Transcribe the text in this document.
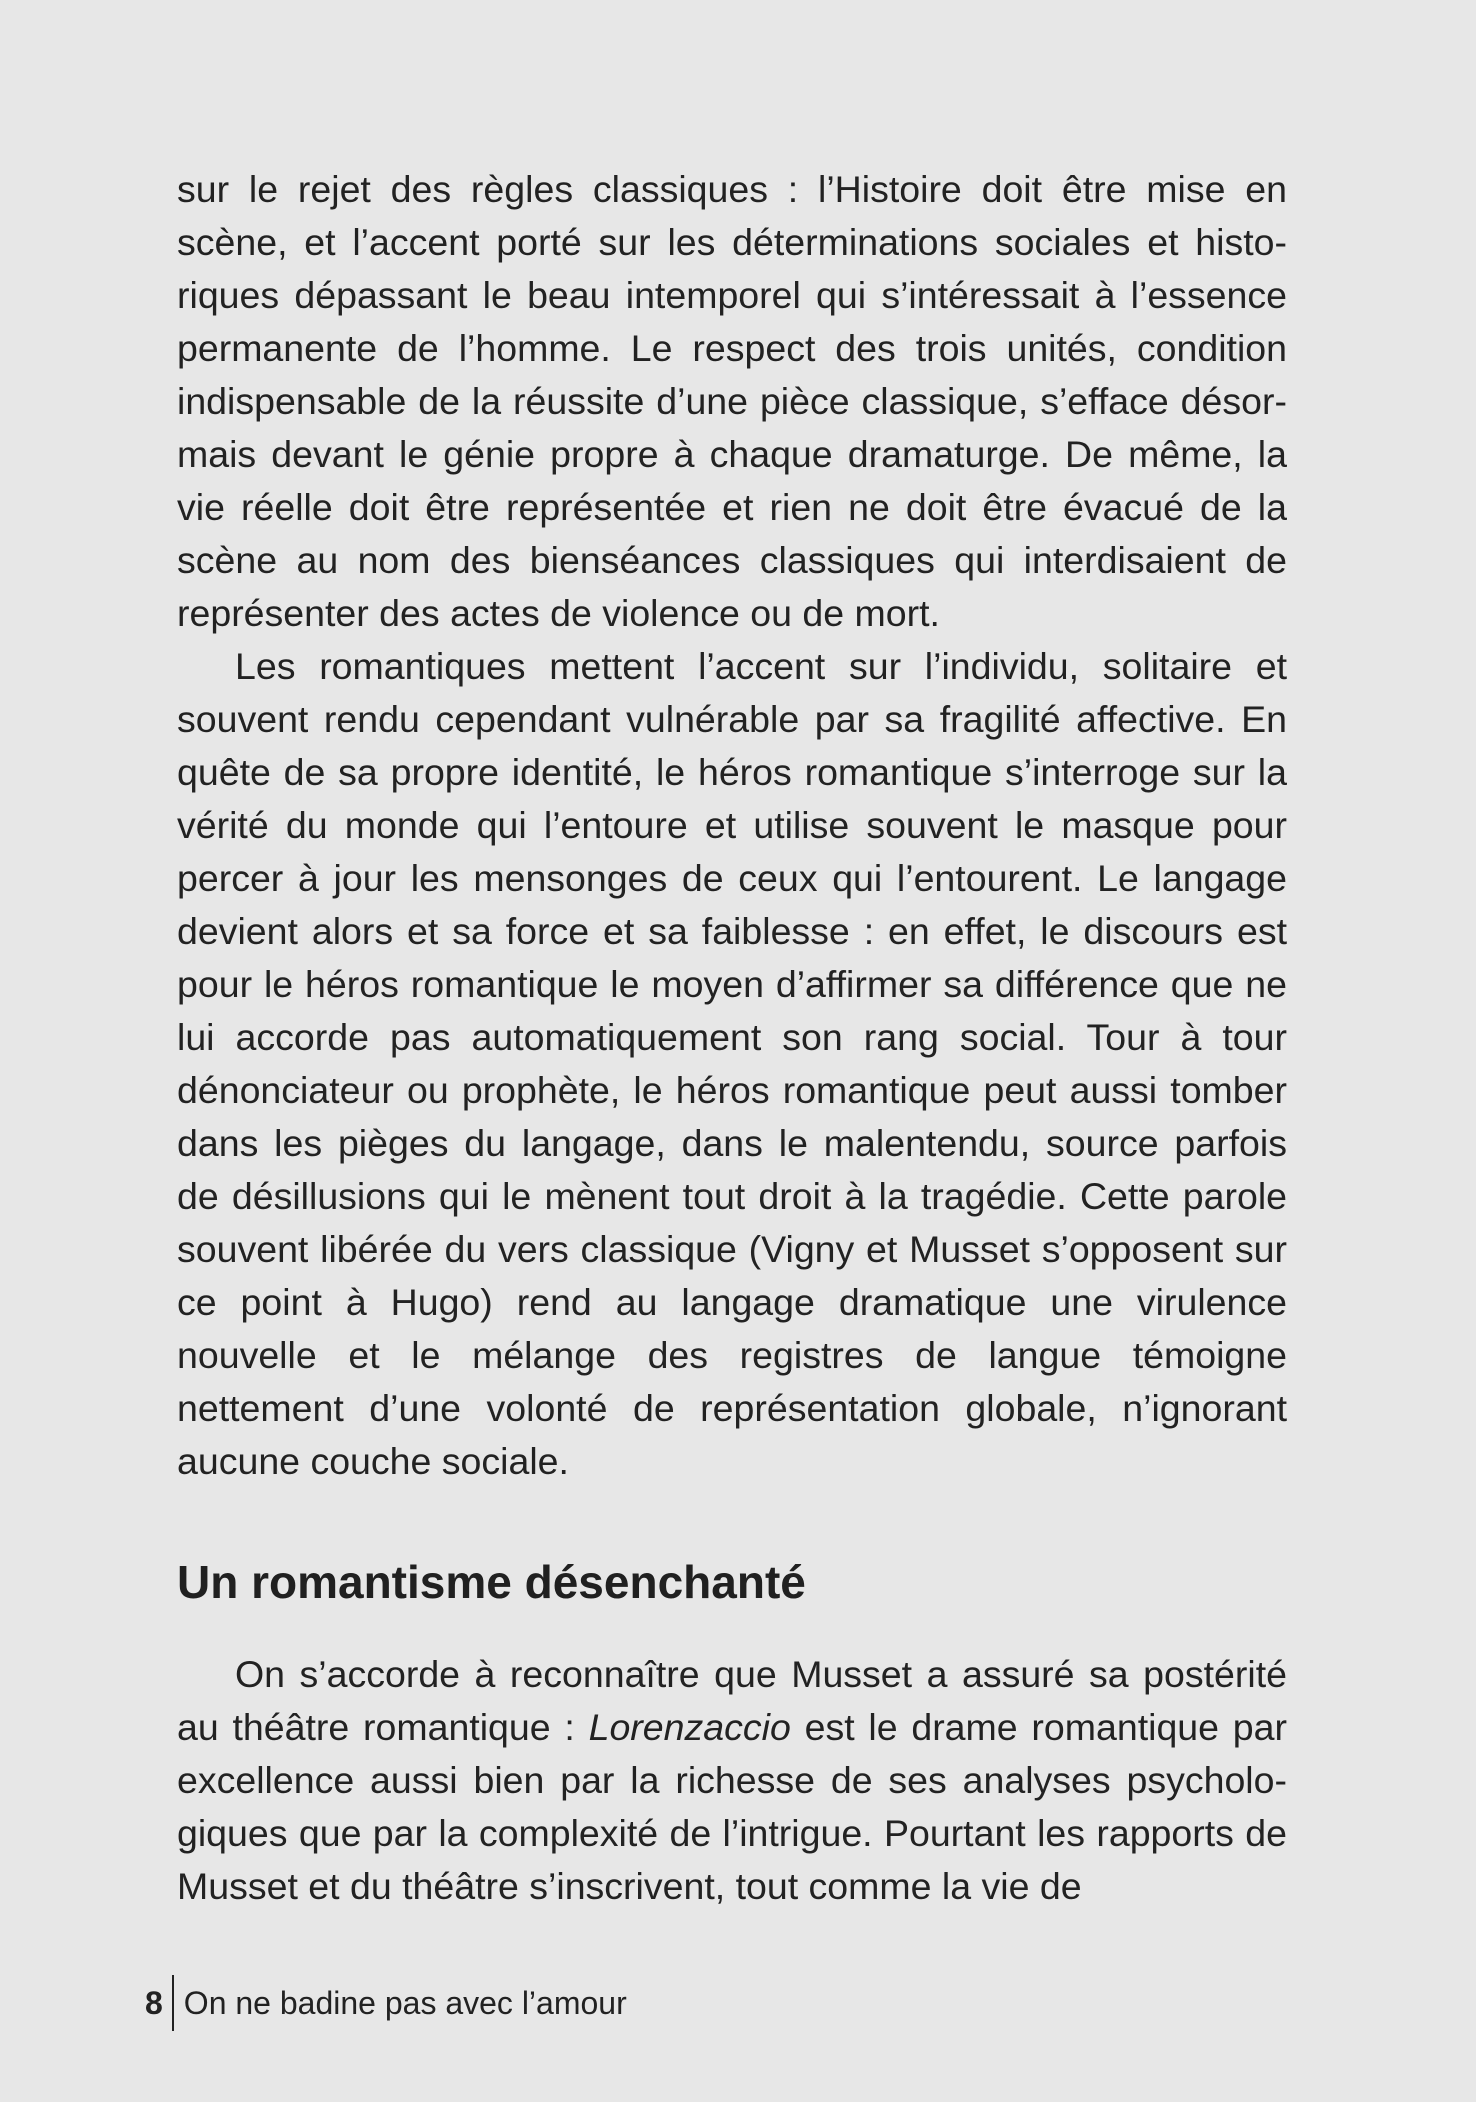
sur le rejet des règles classiques : l’Histoire doit être mise en scène, et l’accent porté sur les déterminations sociales et historiques dépassant le beau intemporel qui s’intéressait à l’essence permanente de l’homme. Le respect des trois unités, condition indispensable de la réussite d’une pièce classique, s’efface désormais devant le génie propre à chaque dramaturge. De même, la vie réelle doit être représentée et rien ne doit être évacué de la scène au nom des bienséances classiques qui interdisaient de représenter des actes de violence ou de mort.

Les romantiques mettent l’accent sur l’individu, solitaire et souvent rendu cependant vulnérable par sa fragilité affective. En quête de sa propre identité, le héros romantique s’interroge sur la vérité du monde qui l’entoure et utilise souvent le masque pour percer à jour les mensonges de ceux qui l’entourent. Le langage devient alors et sa force et sa faiblesse : en effet, le discours est pour le héros romantique le moyen d’affirmer sa différence que ne lui accorde pas automatiquement son rang social. Tour à tour dénonciateur ou prophète, le héros romantique peut aussi tomber dans les pièges du langage, dans le malentendu, source parfois de désillusions qui le mènent tout droit à la tragédie. Cette parole souvent libérée du vers classique (Vigny et Musset s’opposent sur ce point à Hugo) rend au langage dramatique une virulence nouvelle et le mélange des registres de langue témoigne nettement d’une volonté de représentation globale, n’ignorant aucune couche sociale.

Un romantisme désenchanté

On s’accorde à reconnaître que Musset a assuré sa postérité au théâtre romantique : Lorenzaccio est le drame romantique par excellence aussi bien par la richesse de ses analyses psychologiques que par la complexité de l’intrigue. Pourtant les rapports de Musset et du théâtre s’inscrivent, tout comme la vie de

8 On ne badine pas avec l’amour
